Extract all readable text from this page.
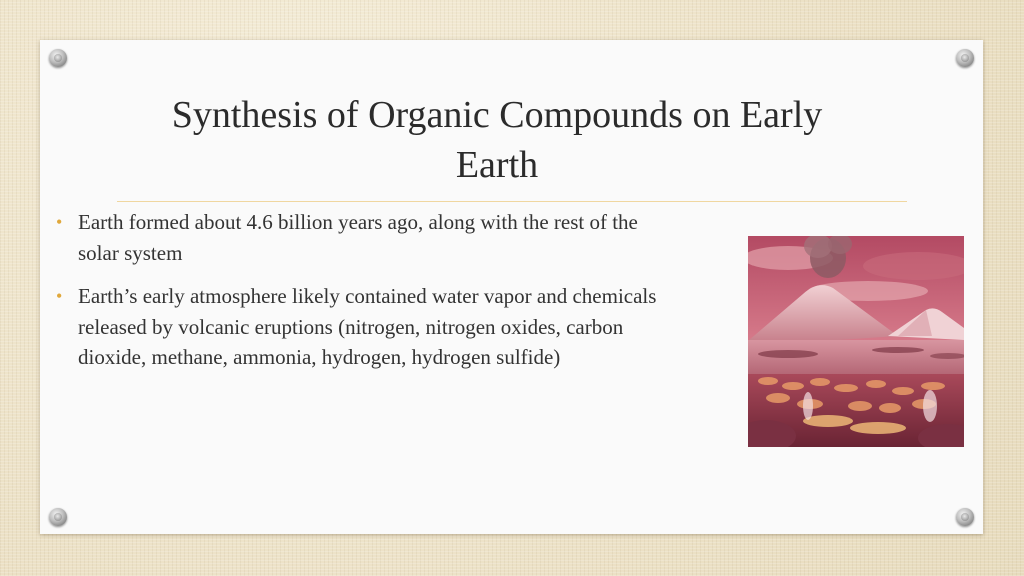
Synthesis of Organic Compounds on Early Earth
• Earth formed about 4.6 billion years ago, along with the rest of the solar system
• Earth’s early atmosphere likely contained water vapor and chemicals released by volcanic eruptions (nitrogen, nitrogen oxides, carbon dioxide, methane, ammonia, hydrogen, hydrogen sulfide)
